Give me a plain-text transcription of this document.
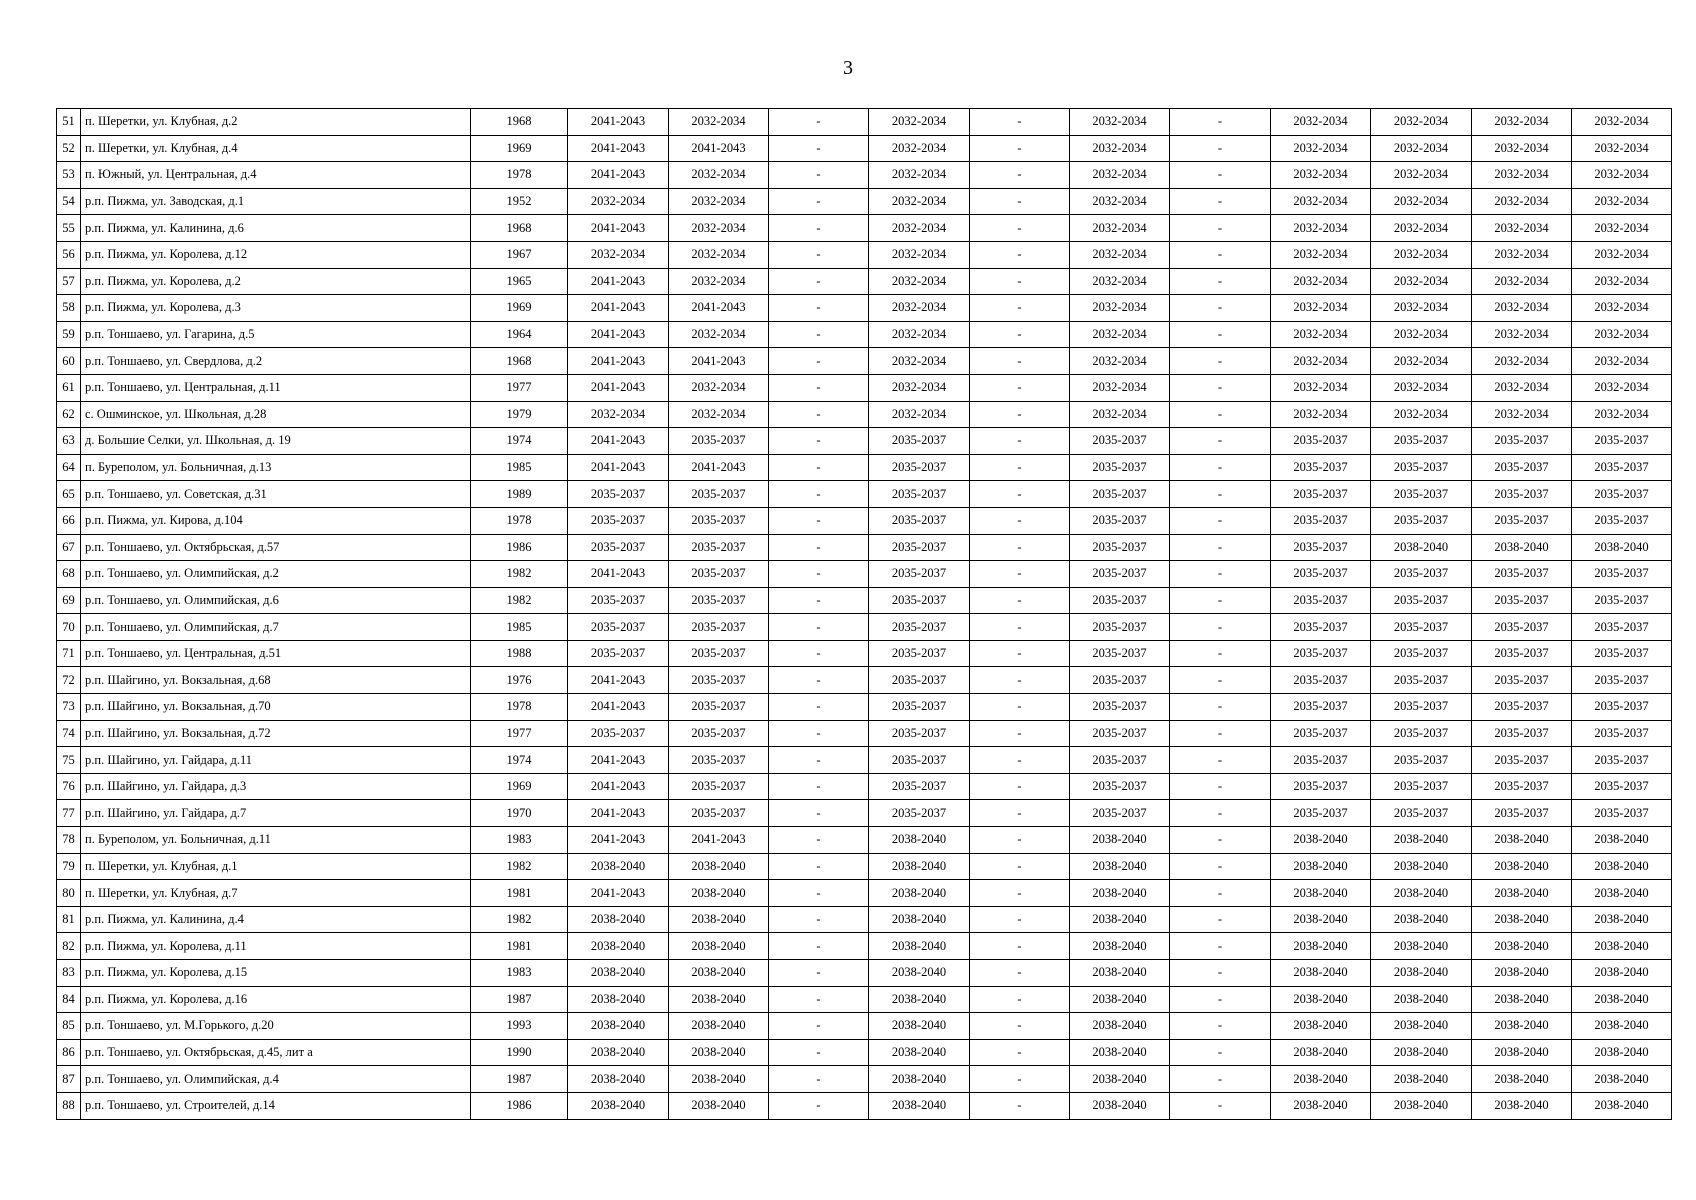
3
51	п. Шеретки, ул. Клубная, д.2	1968	2041-2043	2032-2034	-	2032-2034	-	2032-2034	-	2032-2034	2032-2034	2032-2034	2032-2034
52	п. Шеретки, ул. Клубная, д.4	1969	2041-2043	2041-2043	-	2032-2034	-	2032-2034	-	2032-2034	2032-2034	2032-2034	2032-2034
53	п. Южный, ул. Центральная, д.4	1978	2041-2043	2032-2034	-	2032-2034	-	2032-2034	-	2032-2034	2032-2034	2032-2034	2032-2034
54	р.п. Пижма, ул. Заводская, д.1	1952	2032-2034	2032-2034	-	2032-2034	-	2032-2034	-	2032-2034	2032-2034	2032-2034	2032-2034
55	р.п. Пижма, ул. Калинина, д.6	1968	2041-2043	2032-2034	-	2032-2034	-	2032-2034	-	2032-2034	2032-2034	2032-2034	2032-2034
56	р.п. Пижма, ул. Королева, д.12	1967	2032-2034	2032-2034	-	2032-2034	-	2032-2034	-	2032-2034	2032-2034	2032-2034	2032-2034
57	р.п. Пижма, ул. Королева, д.2	1965	2041-2043	2032-2034	-	2032-2034	-	2032-2034	-	2032-2034	2032-2034	2032-2034	2032-2034
58	р.п. Пижма, ул. Королева, д.3	1969	2041-2043	2041-2043	-	2032-2034	-	2032-2034	-	2032-2034	2032-2034	2032-2034	2032-2034
59	р.п. Тоншаево, ул. Гагарина, д.5	1964	2041-2043	2032-2034	-	2032-2034	-	2032-2034	-	2032-2034	2032-2034	2032-2034	2032-2034
60	р.п. Тоншаево, ул. Свердлова, д.2	1968	2041-2043	2041-2043	-	2032-2034	-	2032-2034	-	2032-2034	2032-2034	2032-2034	2032-2034
61	р.п. Тоншаево, ул. Центральная, д.11	1977	2041-2043	2032-2034	-	2032-2034	-	2032-2034	-	2032-2034	2032-2034	2032-2034	2032-2034
62	с. Ошминское, ул. Школьная, д.28	1979	2032-2034	2032-2034	-	2032-2034	-	2032-2034	-	2032-2034	2032-2034	2032-2034	2032-2034
63	д. Большие Селки, ул. Школьная, д. 19	1974	2041-2043	2035-2037	-	2035-2037	-	2035-2037	-	2035-2037	2035-2037	2035-2037	2035-2037
64	п. Буреполом, ул. Больничная, д.13	1985	2041-2043	2041-2043	-	2035-2037	-	2035-2037	-	2035-2037	2035-2037	2035-2037	2035-2037
65	р.п. Тоншаево, ул. Советская, д.31	1989	2035-2037	2035-2037	-	2035-2037	-	2035-2037	-	2035-2037	2035-2037	2035-2037	2035-2037
66	р.п. Пижма, ул. Кирова, д.104	1978	2035-2037	2035-2037	-	2035-2037	-	2035-2037	-	2035-2037	2035-2037	2035-2037	2035-2037
67	р.п. Тоншаево, ул. Октябрьская, д.57	1986	2035-2037	2035-2037	-	2035-2037	-	2035-2037	-	2035-2037	2038-2040	2038-2040	2038-2040
68	р.п. Тоншаево, ул. Олимпийская, д.2	1982	2041-2043	2035-2037	-	2035-2037	-	2035-2037	-	2035-2037	2035-2037	2035-2037	2035-2037
69	р.п. Тоншаево, ул. Олимпийская, д.6	1982	2035-2037	2035-2037	-	2035-2037	-	2035-2037	-	2035-2037	2035-2037	2035-2037	2035-2037
70	р.п. Тоншаево, ул. Олимпийская, д.7	1985	2035-2037	2035-2037	-	2035-2037	-	2035-2037	-	2035-2037	2035-2037	2035-2037	2035-2037
71	р.п. Тоншаево, ул. Центральная, д.51	1988	2035-2037	2035-2037	-	2035-2037	-	2035-2037	-	2035-2037	2035-2037	2035-2037	2035-2037
72	р.п. Шайгино, ул. Вокзальная, д.68	1976	2041-2043	2035-2037	-	2035-2037	-	2035-2037	-	2035-2037	2035-2037	2035-2037	2035-2037
73	р.п. Шайгино, ул. Вокзальная, д.70	1978	2041-2043	2035-2037	-	2035-2037	-	2035-2037	-	2035-2037	2035-2037	2035-2037	2035-2037
74	р.п. Шайгино, ул. Вокзальная, д.72	1977	2035-2037	2035-2037	-	2035-2037	-	2035-2037	-	2035-2037	2035-2037	2035-2037	2035-2037
75	р.п. Шайгино, ул. Гайдара, д.11	1974	2041-2043	2035-2037	-	2035-2037	-	2035-2037	-	2035-2037	2035-2037	2035-2037	2035-2037
76	р.п. Шайгино, ул. Гайдара, д.3	1969	2041-2043	2035-2037	-	2035-2037	-	2035-2037	-	2035-2037	2035-2037	2035-2037	2035-2037
77	р.п. Шайгино, ул. Гайдара, д.7	1970	2041-2043	2035-2037	-	2035-2037	-	2035-2037	-	2035-2037	2035-2037	2035-2037	2035-2037
78	п. Буреполом, ул. Больничная, д.11	1983	2041-2043	2041-2043	-	2038-2040	-	2038-2040	-	2038-2040	2038-2040	2038-2040	2038-2040
79	п. Шеретки, ул. Клубная, д.1	1982	2038-2040	2038-2040	-	2038-2040	-	2038-2040	-	2038-2040	2038-2040	2038-2040	2038-2040
80	п. Шеретки, ул. Клубная, д.7	1981	2041-2043	2038-2040	-	2038-2040	-	2038-2040	-	2038-2040	2038-2040	2038-2040	2038-2040
81	р.п. Пижма, ул. Калинина, д.4	1982	2038-2040	2038-2040	-	2038-2040	-	2038-2040	-	2038-2040	2038-2040	2038-2040	2038-2040
82	р.п. Пижма, ул. Королева, д.11	1981	2038-2040	2038-2040	-	2038-2040	-	2038-2040	-	2038-2040	2038-2040	2038-2040	2038-2040
83	р.п. Пижма, ул. Королева, д.15	1983	2038-2040	2038-2040	-	2038-2040	-	2038-2040	-	2038-2040	2038-2040	2038-2040	2038-2040
84	р.п. Пижма, ул. Королева, д.16	1987	2038-2040	2038-2040	-	2038-2040	-	2038-2040	-	2038-2040	2038-2040	2038-2040	2038-2040
85	р.п. Тоншаево, ул. М.Горького, д.20	1993	2038-2040	2038-2040	-	2038-2040	-	2038-2040	-	2038-2040	2038-2040	2038-2040	2038-2040
86	р.п. Тоншаево, ул. Октябрьская, д.45, лит а	1990	2038-2040	2038-2040	-	2038-2040	-	2038-2040	-	2038-2040	2038-2040	2038-2040	2038-2040
87	р.п. Тоншаево, ул. Олимпийская, д.4	1987	2038-2040	2038-2040	-	2038-2040	-	2038-2040	-	2038-2040	2038-2040	2038-2040	2038-2040
88	р.п. Тоншаево, ул. Строителей, д.14	1986	2038-2040	2038-2040	-	2038-2040	-	2038-2040	-	2038-2040	2038-2040	2038-2040	2038-2040
